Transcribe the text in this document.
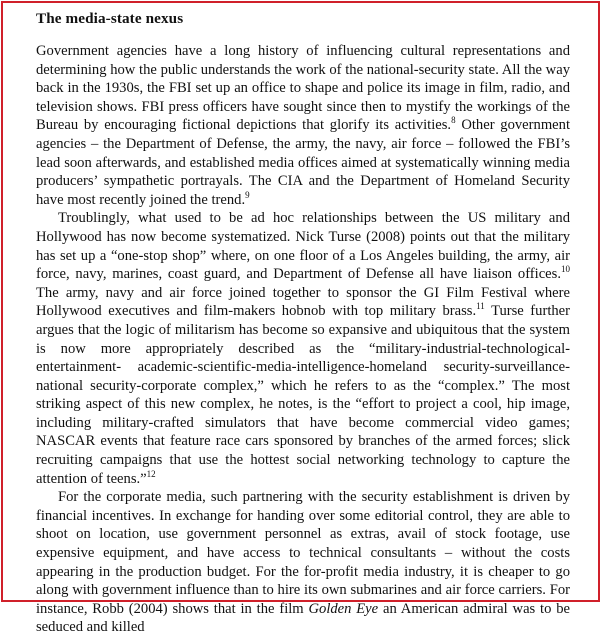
The media-state nexus

Government agencies have a long history of influencing cultural representations and determining how the public understands the work of the national-security state. All the way back in the 1930s, the FBI set up an office to shape and police its image in film, radio, and television shows. FBI press officers have sought since then to mystify the workings of the Bureau by encouraging fictional depictions that glorify its activities.$^8$ Other government agencies – the Department of Defense, the army, the navy, air force – followed the FBI’s lead soon afterwards, and established media offices aimed at systematically winning media producers’ sympathetic portrayals. The CIA and the Department of Homeland Security have most recently joined the trend.$^9$

Troublingly, what used to be ad hoc relationships between the US military and Hollywood has now become systematized. Nick Turse (2008) points out that the military has set up a “one-stop shop” where, on one floor of a Los Angeles building, the army, air force, navy, marines, coast guard, and Department of Defense all have liaison offices.$^{10}$ The army, navy and air force joined together to sponsor the GI Film Festival where Hollywood executives and film-makers hobnob with top military brass.$^{11}$ Turse further argues that the logic of militarism has become so expansive and ubiquitous that the system is now more appropriately described as the “military-industrial-technological-entertainment- academic-scientific-media-intelligence-homeland security-surveillance-national security-corporate complex,” which he refers to as the “complex.” The most striking aspect of this new complex, he notes, is the “effort to project a cool, hip image, including military-crafted simulators that have become commercial video games; NASCAR events that feature race cars sponsored by branches of the armed forces; slick recruiting campaigns that use the hottest social networking technology to capture the attention of teens.”$^{12}$

For the corporate media, such partnering with the security establishment is driven by financial incentives. In exchange for handing over some editorial control, they are able to shoot on location, use government personnel as extras, avail of stock footage, use expensive equipment, and have access to technical consultants – without the costs appearing in the production budget. For the for-profit media industry, it is cheaper to go along with government influence than to hire its own submarines and air force carriers. For instance, Robb (2004) shows that in the film Golden Eye an American admiral was to be seduced and killed
